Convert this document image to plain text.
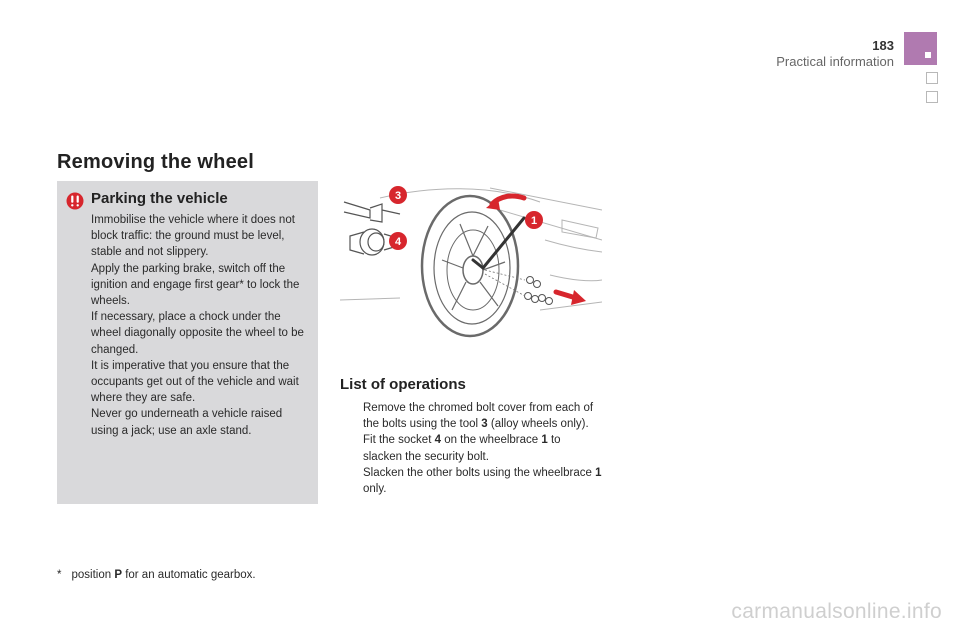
183
Practical information
Removing the wheel
Parking the vehicle

Immobilise the vehicle where it does not block traffic: the ground must be level, stable and not slippery.

Apply the parking brake, switch off the ignition and engage first gear* to lock the wheels.

If necessary, place a chock under the wheel diagonally opposite the wheel to be changed.

It is imperative that you ensure that the occupants get out of the vehicle and wait where they are safe.

Never go underneath a vehicle raised using a jack; use an axle stand.

3
4
1
List of operations
Remove the chromed bolt cover from each of the bolts using the tool 3 (alloy wheels only).
Fit the socket 4 on the wheelbrace 1 to slacken the security bolt.
Slacken the other bolts using the wheelbrace 1 only.
* position P for an automatic gearbox.
carmanualsonline.info
